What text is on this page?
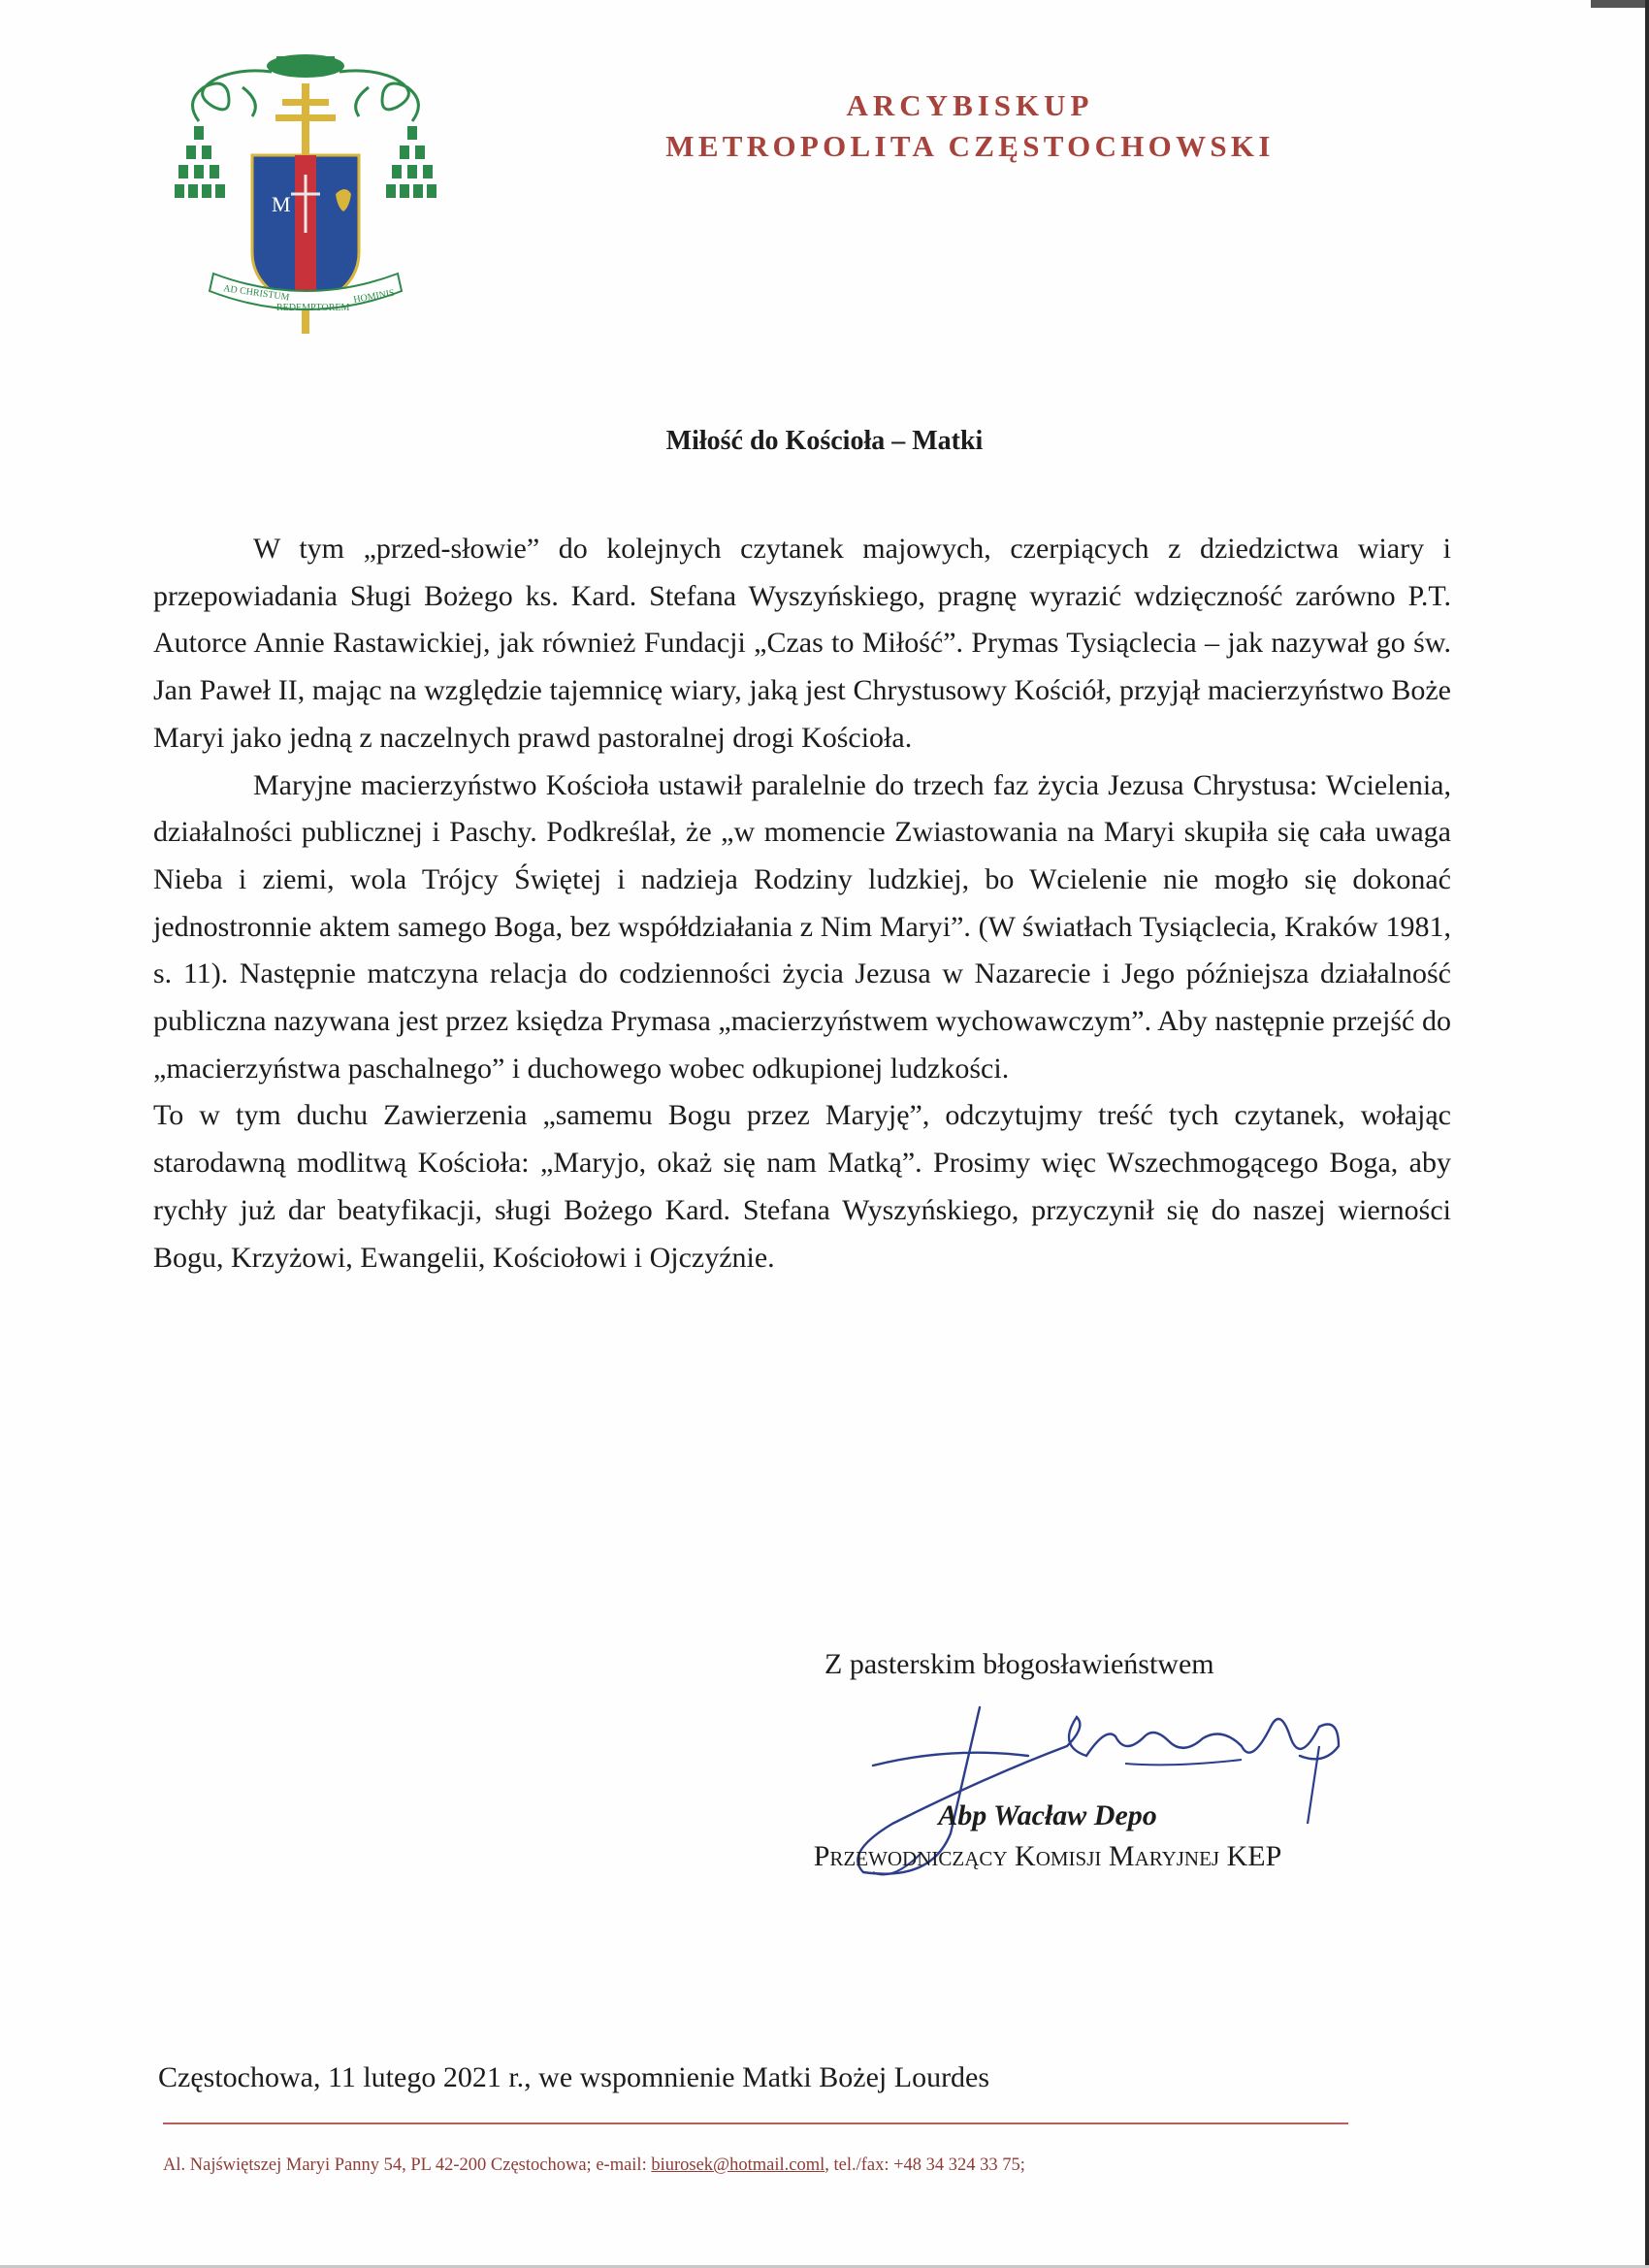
M
AD CHRISTUM
REDEMPTOREM
HOMINIS
ARCYBISKUP
METROPOLITA CZĘSTOCHOWSKI
Miłość do Kościoła – Matki

W tym „przed-słowie” do kolejnych czytanek majowych, czerpiących z dziedzictwa wiary i przepowiadania Sługi Bożego ks. Kard. Stefana Wyszyńskiego, pragnę wyrazić wdzięczność zarówno P.T. Autorce Annie Rastawickiej, jak również Fundacji „Czas to Miłość”. Prymas Tysiąclecia – jak nazywał go św. Jan Paweł II, mając na względzie tajemnicę wiary, jaką jest Chrystusowy Kościół, przyjął macierzyństwo Boże Maryi jako jedną z naczelnych prawd pastoralnej drogi Kościoła.

Maryjne macierzyństwo Kościoła ustawił paralelnie do trzech faz życia Jezusa Chrystusa: Wcielenia, działalności publicznej i Paschy. Podkreślał, że „w momencie Zwiastowania na Maryi skupiła się cała uwaga Nieba i ziemi, wola Trójcy Świętej i nadzieja Rodziny ludzkiej, bo Wcielenie nie mogło się dokonać jednostronnie aktem samego Boga, bez współdziałania z Nim Maryi”. (W światłach Tysiąclecia, Kraków 1981, s. 11). Następnie matczyna relacja do codzienności życia Jezusa w Nazarecie i Jego późniejsza działalność publiczna nazywana jest przez księdza Prymasa „macierzyństwem wychowawczym”. Aby następnie przejść do „macierzyństwa paschalnego” i duchowego wobec odkupionej ludzkości.

To w tym duchu Zawierzenia „samemu Bogu przez Maryję”, odczytujmy treść tych czytanek, wołając starodawną modlitwą Kościoła: „Maryjo, okaż się nam Matką”. Prosimy więc Wszechmogącego Boga, aby rychły już dar beatyfikacji, sługi Bożego Kard. Stefana Wyszyńskiego, przyczynił się do naszej wierności Bogu, Krzyżowi, Ewangelii, Kościołowi i Ojczyźnie.

Z pasterskim błogosławieństwem
Abp Wacław Depo
Przewodniczący Komisji Maryjnej KEP
Częstochowa, 11 lutego 2021 r., we wspomnienie Matki Bożej Lourdes
Al. Najświętszej Maryi Panny 54, PL 42-200 Częstochowa; e-mail: biurosek@hotmail.coml, tel./fax: +48 34 324 33 75;
